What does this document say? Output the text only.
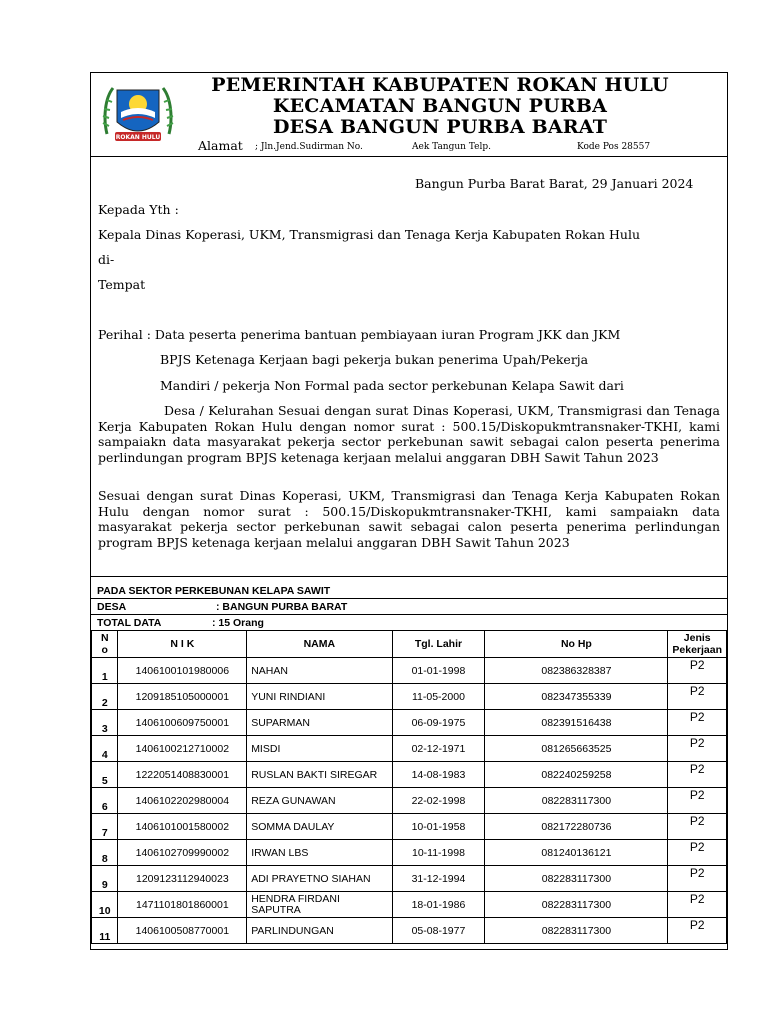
ROKAN HULU
PEMERINTAH KABUPATEN ROKAN HULU
KECAMATAN BANGUN PURBA
DESA BANGUN PURBA BARAT
Alamat ; Jln.Jend.Sudirman No.	Aek Tangun Telp.	Kode Pos 28557
Bangun Purba Barat Barat, 29 Januari 2024
Kepada Yth :
Kepala Dinas Koperasi, UKM, Transmigrasi dan Tenaga Kerja Kabupaten Rokan Hulu
di-
Tempat
Perihal : Data peserta penerima bantuan pembiayaan iuran Program JKK dan JKM
BPJS Ketenaga Kerjaan bagi pekerja bukan penerima Upah/Pekerja
Mandiri / pekerja Non Formal pada sector perkebunan Kelapa Sawit dari
Desa / Kelurahan Sesuai dengan surat Dinas Koperasi, UKM, Transmigrasi dan Tenaga Kerja Kabupaten Rokan Hulu dengan nomor surat : 500.15/Diskopukmtransnaker-TKHI, kami sampaiakn data masyarakat pekerja sector perkebunan sawit sebagai calon peserta penerima perlindungan program BPJS ketenaga kerjaan melalui anggaran DBH Sawit Tahun 2023
Sesuai dengan surat Dinas Koperasi, UKM, Transmigrasi dan Tenaga Kerja Kabupaten Rokan Hulu dengan nomor surat : 500.15/Diskopukmtransnaker-TKHI, kami sampaiakn data masyarakat pekerja sector perkebunan sawit sebagai calon peserta penerima perlindungan program BPJS ketenaga kerjaan melalui anggaran DBH Sawit Tahun 2023
PADA SEKTOR PERKEBUNAN KELAPA SAWIT
DESA	: BANGUN PURBA BARAT
TOTAL DATA	: 15 Orang
N
o	N I K	NAMA	Tgl. Lahir	No Hp	Jenis Pekerjaan
1	1406100101980006	NAHAN	01-01-1998	082386328387	P2
2	1209185105000001	YUNI RINDIANI	11-05-2000	082347355339	P2
3	1406100609750001	SUPARMAN	06-09-1975	082391516438	P2
4	1406100212710002	MISDI	02-12-1971	081265663525	P2
5	1222051408830001	RUSLAN BAKTI SIREGAR	14-08-1983	082240259258	P2
6	1406102202980004	REZA GUNAWAN	22-02-1998	082283117300	P2
7	1406101001580002	SOMMA DAULAY	10-01-1958	082172280736	P2
8	1406102709990002	IRWAN LBS	10-11-1998	081240136121	P2
9	1209123112940023	ADI PRAYETNO SIAHAN	31-12-1994	082283117300	P2
10	1471101801860001	HENDRA FIRDANI
SAPUTRA	18-01-1986	082283117300	P2
11	1406100508770001	PARLINDUNGAN	05-08-1977	082283117300	P2
